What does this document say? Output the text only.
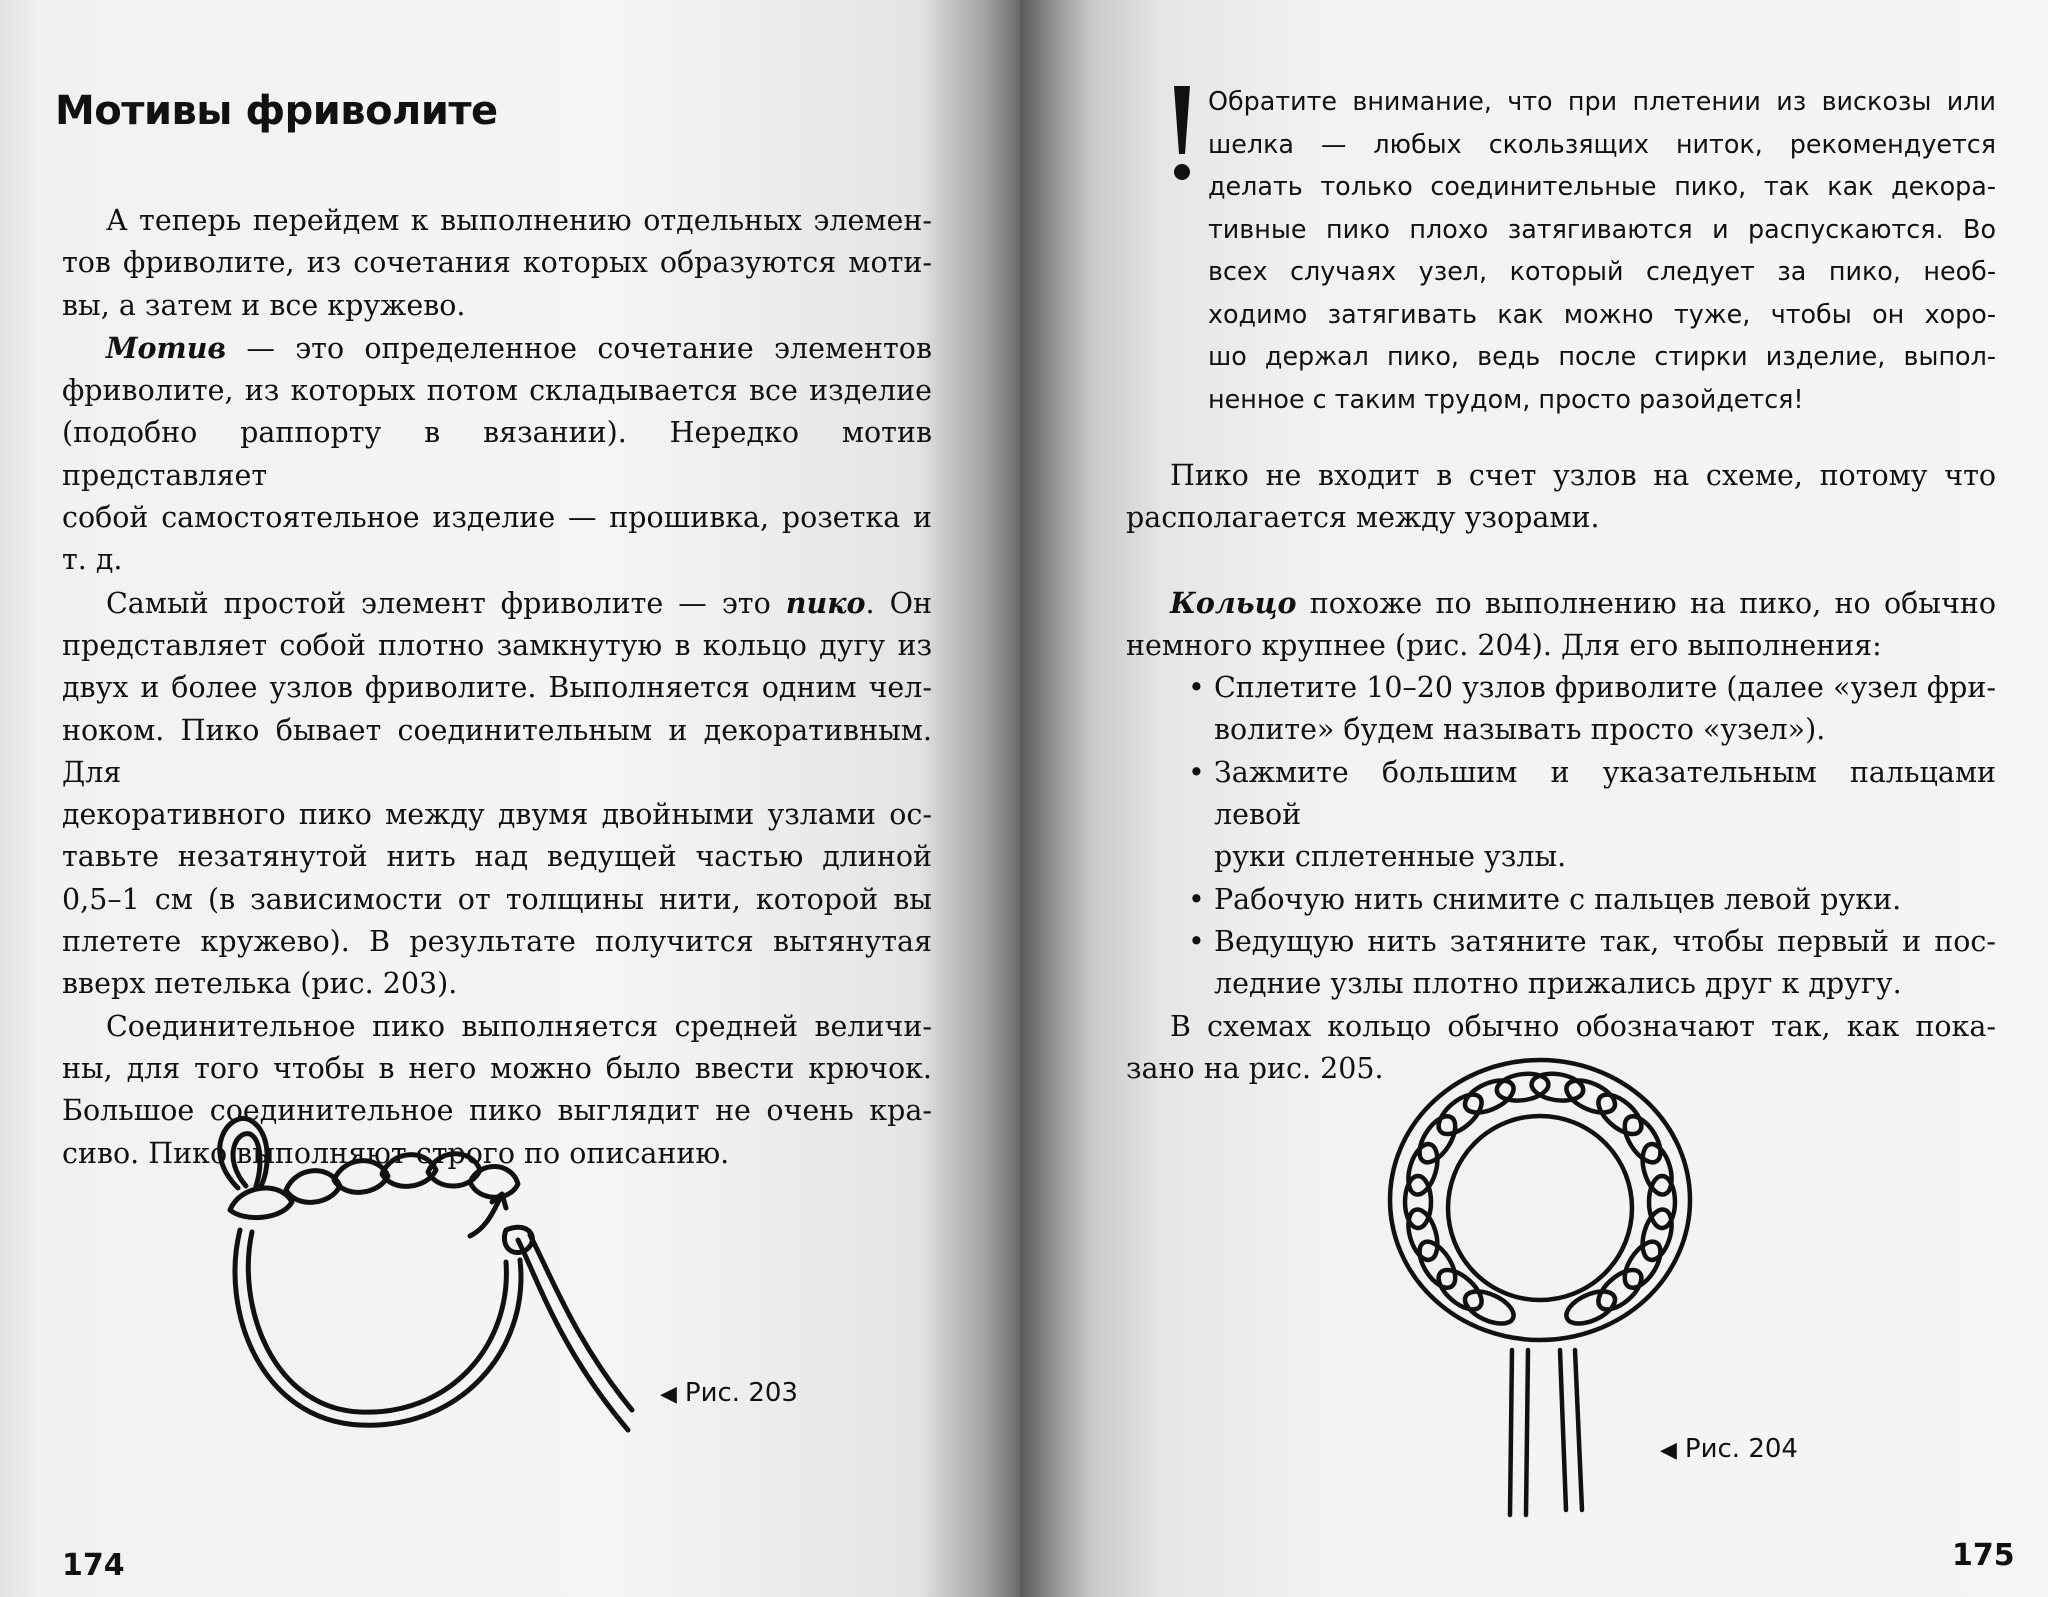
Мотивы фриволите

А теперь перейдем к выполнению отдельных элемен-

тов фриволите, из сочетания которых образуются моти-

вы, а затем и все кружево.

Мотив — это определенное сочетание элементов

фриволите, из которых потом складывается все изделие

(подобно раппорту в вязании). Нередко мотив представляет

собой самостоятельное изделие — прошивка, розетка и т. д.

Самый простой элемент фриволите — это пико. Он

представляет собой плотно замкнутую в кольцо дугу из

двух и более узлов фриволите. Выполняется одним чел-

ноком. Пико бывает соединительным и декоративным. Для

декоративного пико между двумя двойными узлами ос-

тавьте незатянутой нить над ведущей частью длиной

0,5–1 см (в зависимости от толщины нити, которой вы

плетете кружево). В результате получится вытянутая

вверх петелька (рис. 203).

Соединительное пико выполняется средней величи-

ны, для того чтобы в него можно было ввести крючок.

Большое соединительное пико выглядит не очень кра-

сиво. Пико выполняют строго по описанию.

◀ Рис. 203
174

Обратите внимание, что при плетении из вискозы или

шелка — любых скользящих ниток, рекомендуется

делать только соединительные пико, так как декора-

тивные пико плохо затягиваются и распускаются. Во

всех случаях узел, который следует за пико, необ-

ходимо затягивать как можно туже, чтобы он хоро-

шо держал пико, ведь после стирки изделие, выпол-

ненное с таким трудом, просто разойдется!

Пико не входит в счет узлов на схеме, потому что

располагается между узорами.

Кольцо похоже по выполнению на пико, но обычно

немного крупнее (рис. 204). Для его выполнения:

• Сплетите 10–20 узлов фриволите (далее «узел фри-

волите» будем называть просто «узел»).

• Зажмите большим и указательным пальцами левой

руки сплетенные узлы.

• Рабочую нить снимите с пальцев левой руки.

• Ведущую нить затяните так, чтобы первый и пос-

ледние узлы плотно прижались друг к другу.

В схемах кольцо обычно обозначают так, как пока-

зано на рис. 205.

◀ Рис. 204
175
